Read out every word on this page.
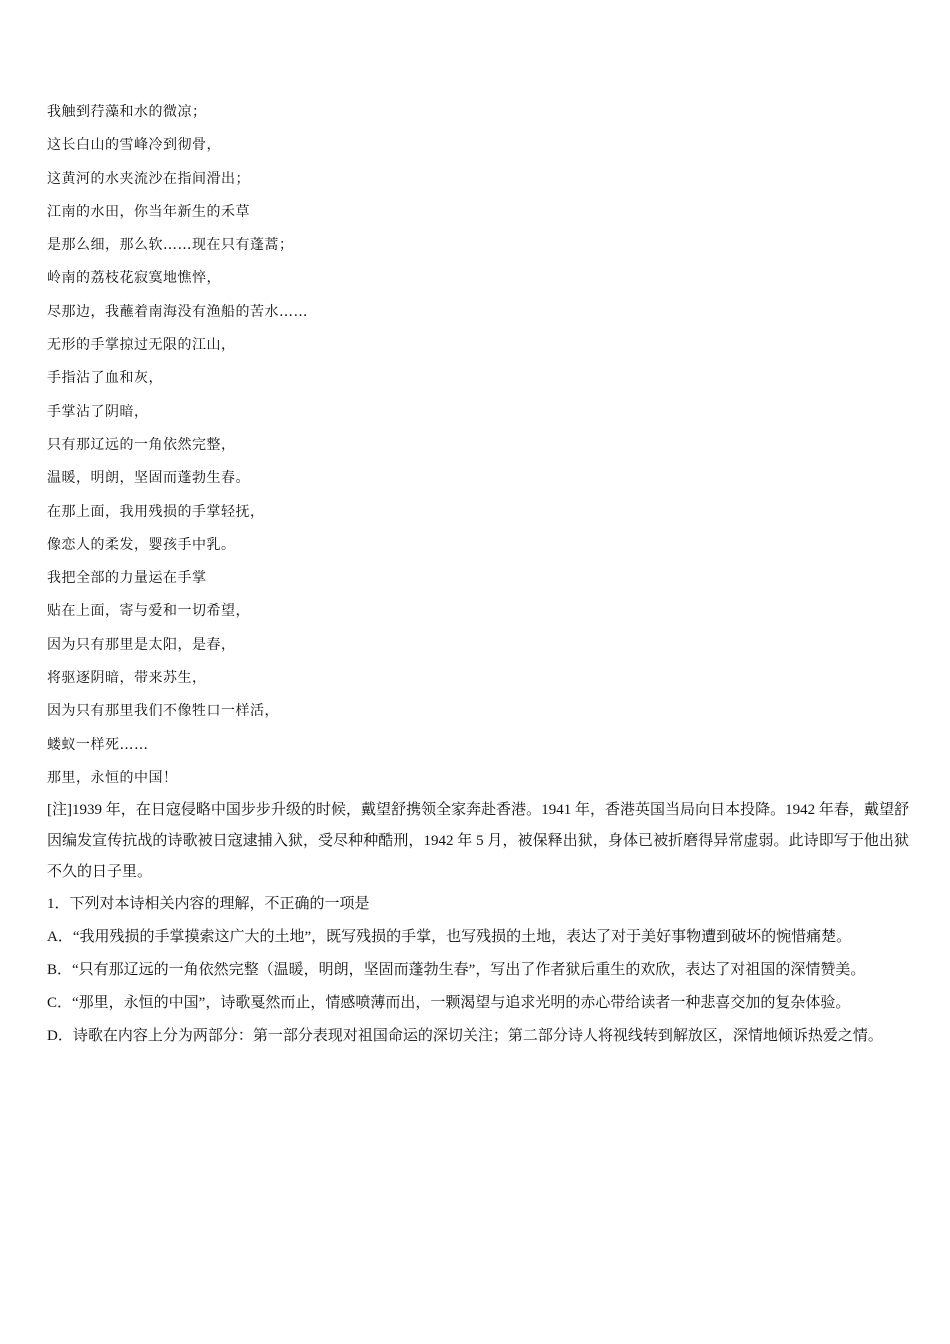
我触到荇藻和水的微凉；
这长白山的雪峰冷到彻骨，
这黄河的水夹流沙在指间滑出；
江南的水田，你当年新生的禾草
是那么细，那么软……现在只有蓬蒿；
岭南的荔枝花寂寞地憔悴，
尽那边，我蘸着南海没有渔船的苦水……
无形的手掌掠过无限的江山，
手指沾了血和灰，
手掌沾了阴暗，
只有那辽远的一角依然完整，
温暖，明朗，坚固而蓬勃生春。
在那上面，我用残损的手掌轻抚，
像恋人的柔发，婴孩手中乳。
我把全部的力量运在手掌
贴在上面，寄与爱和一切希望，
因为只有那里是太阳，是春，
将驱逐阴暗，带来苏生，
因为只有那里我们不像牲口一样活，
蝼蚁一样死……
那里，永恒的中国！

[注]1939 年，在日寇侵略中国步步升级的时候，戴望舒携领全家奔赴香港。1941 年，香港英国当局向日本投降。1942 年春，戴望舒因编发宣传抗战的诗歌被日寇逮捕入狱，受尽种种酷刑，1942 年 5 月，被保释出狱，身体已被折磨得异常虚弱。此诗即写于他出狱不久的日子里。

1．下列对本诗相关内容的理解，不正确的一项是

A．“我用残损的手掌摸索这广大的土地”，既写残损的手掌，也写残损的土地，表达了对于美好事物遭到破坏的惋惜痛楚。

B．“只有那辽远的一角依然完整（温暖，明朗，坚固而蓬勃生春”，写出了作者狱后重生的欢欣，表达了对祖国的深情赞美。

C．“那里，永恒的中国”，诗歌戛然而止，情感喷薄而出，一颗渴望与追求光明的赤心带给读者一种悲喜交加的复杂体验。

D．诗歌在内容上分为两部分：第一部分表现对祖国命运的深切关注；第二部分诗人将视线转到解放区，深情地倾诉热爱之情。
